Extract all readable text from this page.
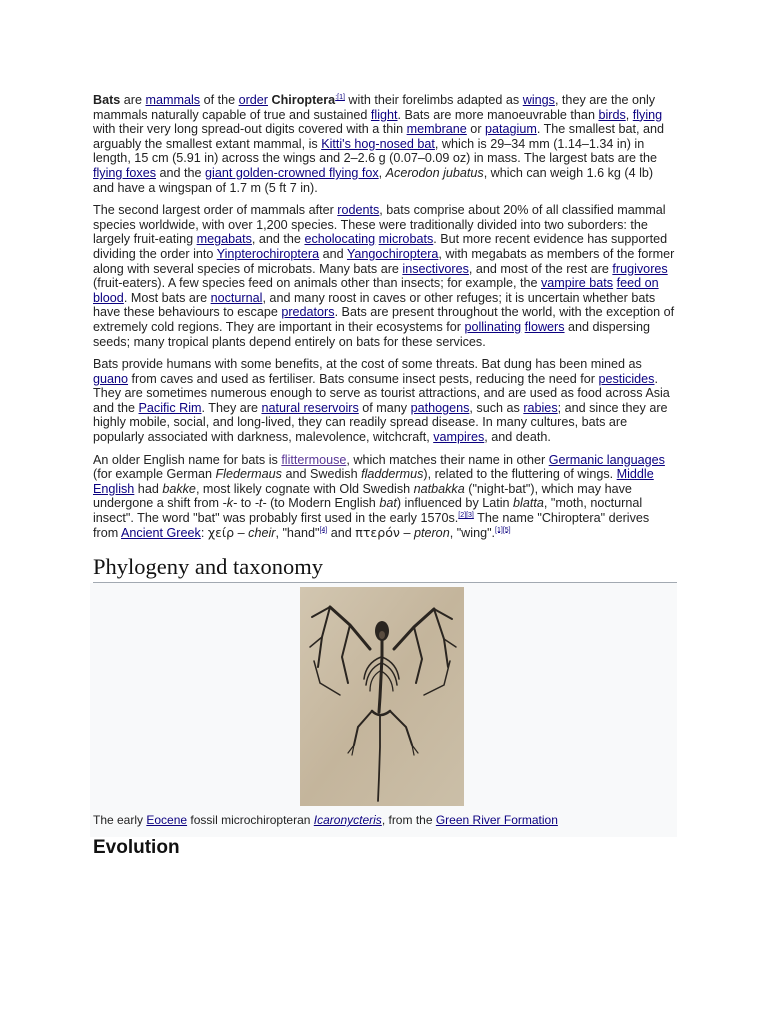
Bats are mammals of the order Chiroptera$^{:[1]}$ with their forelimbs adapted as wings, they are the only mammals naturally capable of true and sustained flight. Bats are more manoeuvrable than birds, flying with their very long spread-out digits covered with a thin membrane or patagium. The smallest bat, and arguably the smallest extant mammal, is Kitti's hog-nosed bat, which is 29–34 mm (1.14–1.34 in) in length, 15 cm (5.91 in) across the wings and 2–2.6 g (0.07–0.09 oz) in mass. The largest bats are the flying foxes and the giant golden-crowned flying fox, Acerodon jubatus, which can weigh 1.6 kg (4 lb) and have a wingspan of 1.7 m (5 ft 7 in).

The second largest order of mammals after rodents, bats comprise about 20% of all classified mammal species worldwide, with over 1,200 species. These were traditionally divided into two suborders: the largely fruit-eating megabats, and the echolocating microbats. But more recent evidence has supported dividing the order into Yinpterochiroptera and Yangochiroptera, with megabats as members of the former along with several species of microbats. Many bats are insectivores, and most of the rest are frugivores (fruit-eaters). A few species feed on animals other than insects; for example, the vampire bats feed on blood. Most bats are nocturnal, and many roost in caves or other refuges; it is uncertain whether bats have these behaviours to escape predators. Bats are present throughout the world, with the exception of extremely cold regions. They are important in their ecosystems for pollinating flowers and dispersing seeds; many tropical plants depend entirely on bats for these services.

Bats provide humans with some benefits, at the cost of some threats. Bat dung has been mined as guano from caves and used as fertiliser. Bats consume insect pests, reducing the need for pesticides. They are sometimes numerous enough to serve as tourist attractions, and are used as food across Asia and the Pacific Rim. They are natural reservoirs of many pathogens, such as rabies; and since they are highly mobile, social, and long-lived, they can readily spread disease. In many cultures, bats are popularly associated with darkness, malevolence, witchcraft, vampires, and death.

An older English name for bats is flittermouse, which matches their name in other Germanic languages (for example German Fledermaus and Swedish fladdermus), related to the fluttering of wings. Middle English had bakke, most likely cognate with Old Swedish natbakka ("night-bat"), which may have undergone a shift from -k- to -t- (to Modern English bat) influenced by Latin blatta, "moth, nocturnal insect". The word "bat" was probably first used in the early 1570s.[2][3] The name "Chiroptera" derives from Ancient Greek: χείρ – cheir, "hand"[4] and πτερόν – pteron, "wing".[1][5]

Phylogeny and taxonomy
The early Eocene fossil microchiropteran Icaronycteris, from the Green River Formation
Evolution
